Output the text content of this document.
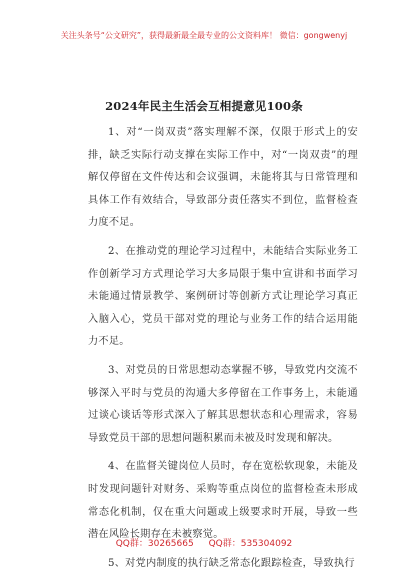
关注头条号“公文研究”，获得最新最全最专业的公文资料库！ 微信：gongwenyj
2024年民主生活会互相提意见100条

1、对“一岗双责”落实理解不深，仅限于形式上的安排，缺乏实际行动支撑在实际工作中，对“一岗双责”的理解仅停留在文件传达和会议强调，未能将其与日常管理和具体工作有效结合，导致部分责任落实不到位，监督检查力度不足。

2、在推动党的理论学习过程中，未能结合实际业务工作创新学习方式理论学习大多局限于集中宣讲和书面学习未能通过情景教学、案例研讨等创新方式让理论学习真正入脑入心，党员干部对党的理论与业务工作的结合运用能力不足。

3、对党员的日常思想动态掌握不够，导致党内交流不够深入平时与党员的沟通大多停留在工作事务上，未能通过谈心谈话等形式深入了解其思想状态和心理需求，容易导致党员干部的思想问题积累而未被及时发现和解决。

4、在监督关键岗位人员时，存在宽松软现象，未能及时发现问题针对财务、采购等重点岗位的监督检查未形成常态化机制，仅在重大问题或上级要求时开展，导致一些潜在风险长期存在未被察觉。

5、对党内制度的执行缺乏常态化跟踪检查，导致执行

QQ群：30265665 QQ群：535304092
